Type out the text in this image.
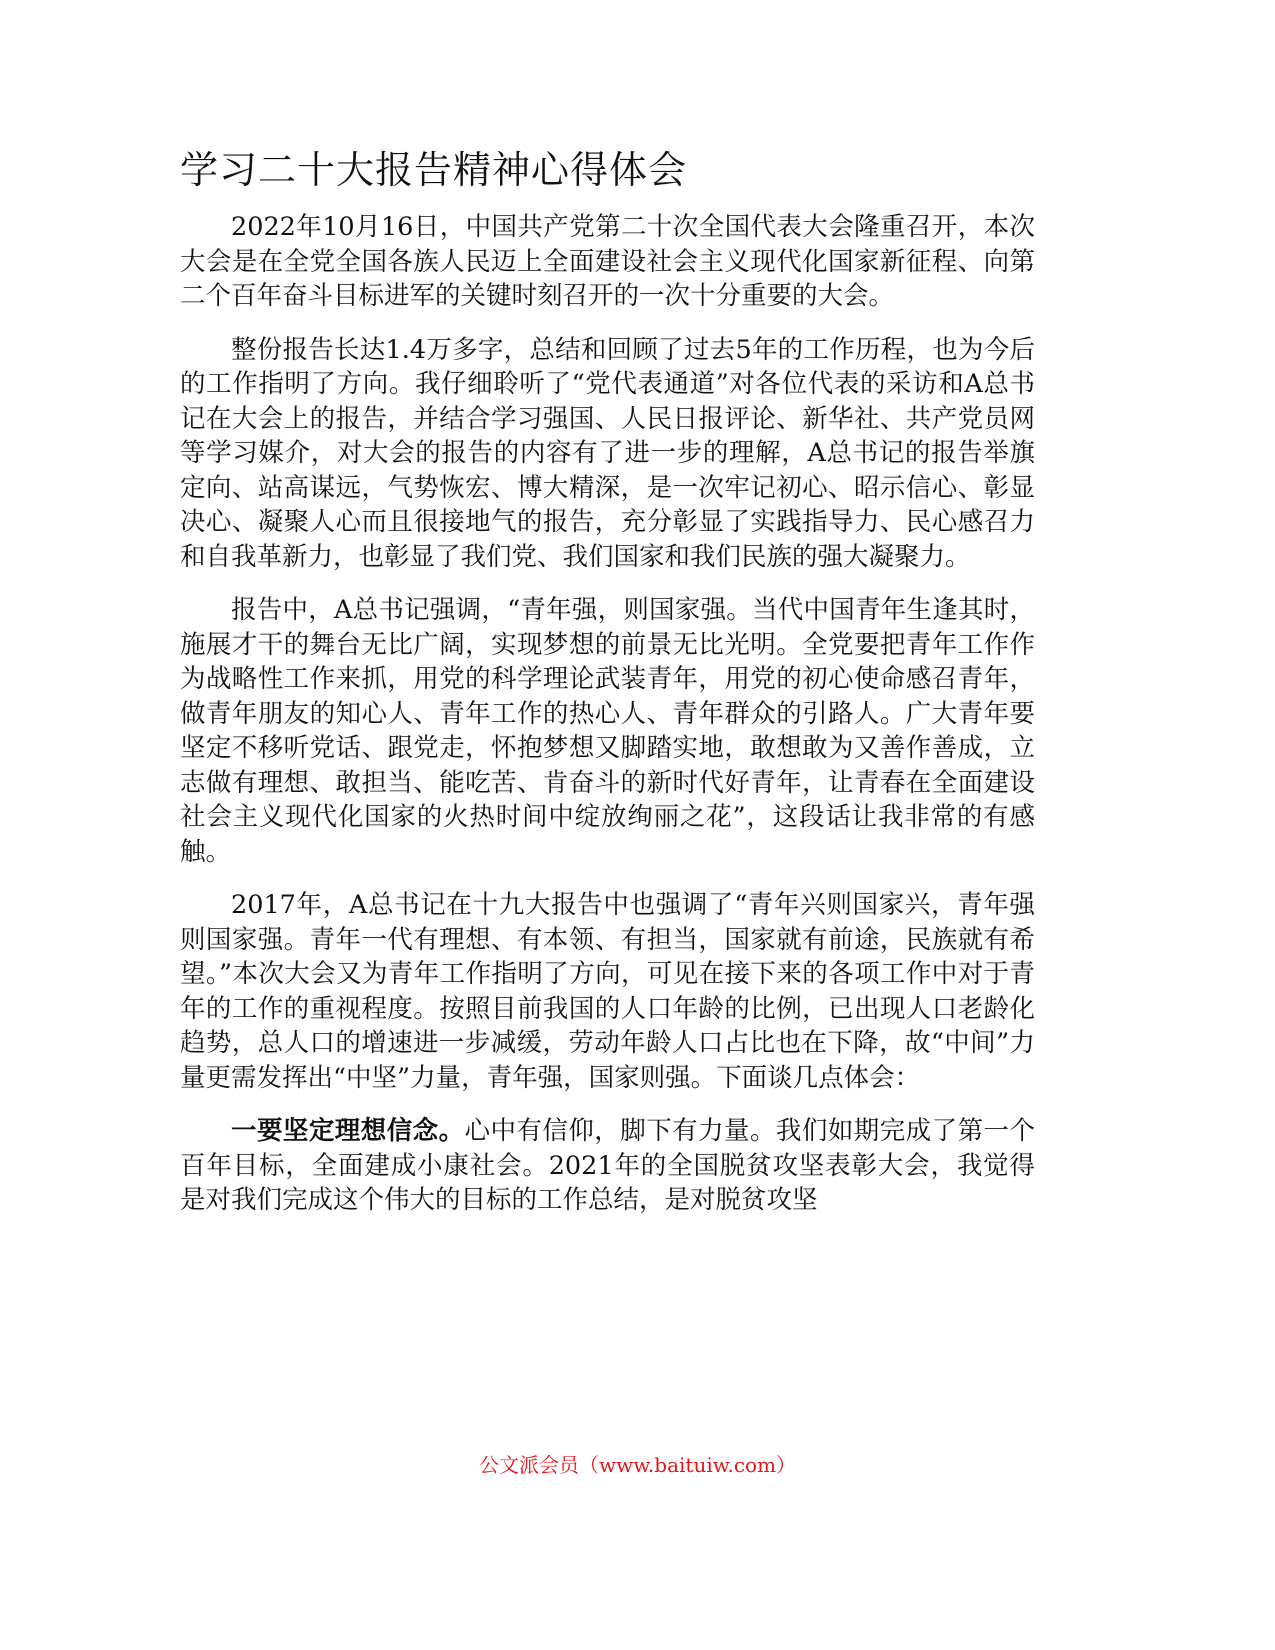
学习二十大报告精神心得体会

2022年10月16日，中国共产党第二十次全国代表大会隆重召开，本次大会是在全党全国各族人民迈上全面建设社会主义现代化国家新征程、向第二个百年奋斗目标进军的关键时刻召开的一次十分重要的大会。

整份报告长达1.4万多字，总结和回顾了过去5年的工作历程，也为今后的工作指明了方向。我仔细聆听了“党代表通道”对各位代表的采访和A总书记在大会上的报告，并结合学习强国、人民日报评论、新华社、共产党员网等学习媒介，对大会的报告的内容有了进一步的理解，A总书记的报告举旗定向、站高谋远，气势恢宏、博大精深，是一次牢记初心、昭示信心、彰显决心、凝聚人心而且很接地气的报告，充分彰显了实践指导力、民心感召力和自我革新力，也彰显了我们党、我们国家和我们民族的强大凝聚力。

报告中，A总书记强调，“青年强，则国家强。当代中国青年生逢其时，施展才干的舞台无比广阔，实现梦想的前景无比光明。全党要把青年工作作为战略性工作来抓，用党的科学理论武装青年，用党的初心使命感召青年，做青年朋友的知心人、青年工作的热心人、青年群众的引路人。广大青年要坚定不移听党话、跟党走，怀抱梦想又脚踏实地，敢想敢为又善作善成，立志做有理想、敢担当、能吃苦、肯奋斗的新时代好青年，让青春在全面建设社会主义现代化国家的火热时间中绽放绚丽之花”，这段话让我非常的有感触。

2017年，A总书记在十九大报告中也强调了“青年兴则国家兴，青年强则国家强。青年一代有理想、有本领、有担当，国家就有前途，民族就有希望。”本次大会又为青年工作指明了方向，可见在接下来的各项工作中对于青年的工作的重视程度。按照目前我国的人口年龄的比例，已出现人口老龄化趋势，总人口的增速进一步减缓，劳动年龄人口占比也在下降，故“中间”力量更需发挥出“中坚”力量，青年强，国家则强。下面谈几点体会：

一要坚定理想信念。心中有信仰，脚下有力量。我们如期完成了第一个百年目标，全面建成小康社会。2021年的全国脱贫攻坚表彰大会，我觉得是对我们完成这个伟大的目标的工作总结，是对脱贫攻坚

公文派会员（www.baituiw.com）
